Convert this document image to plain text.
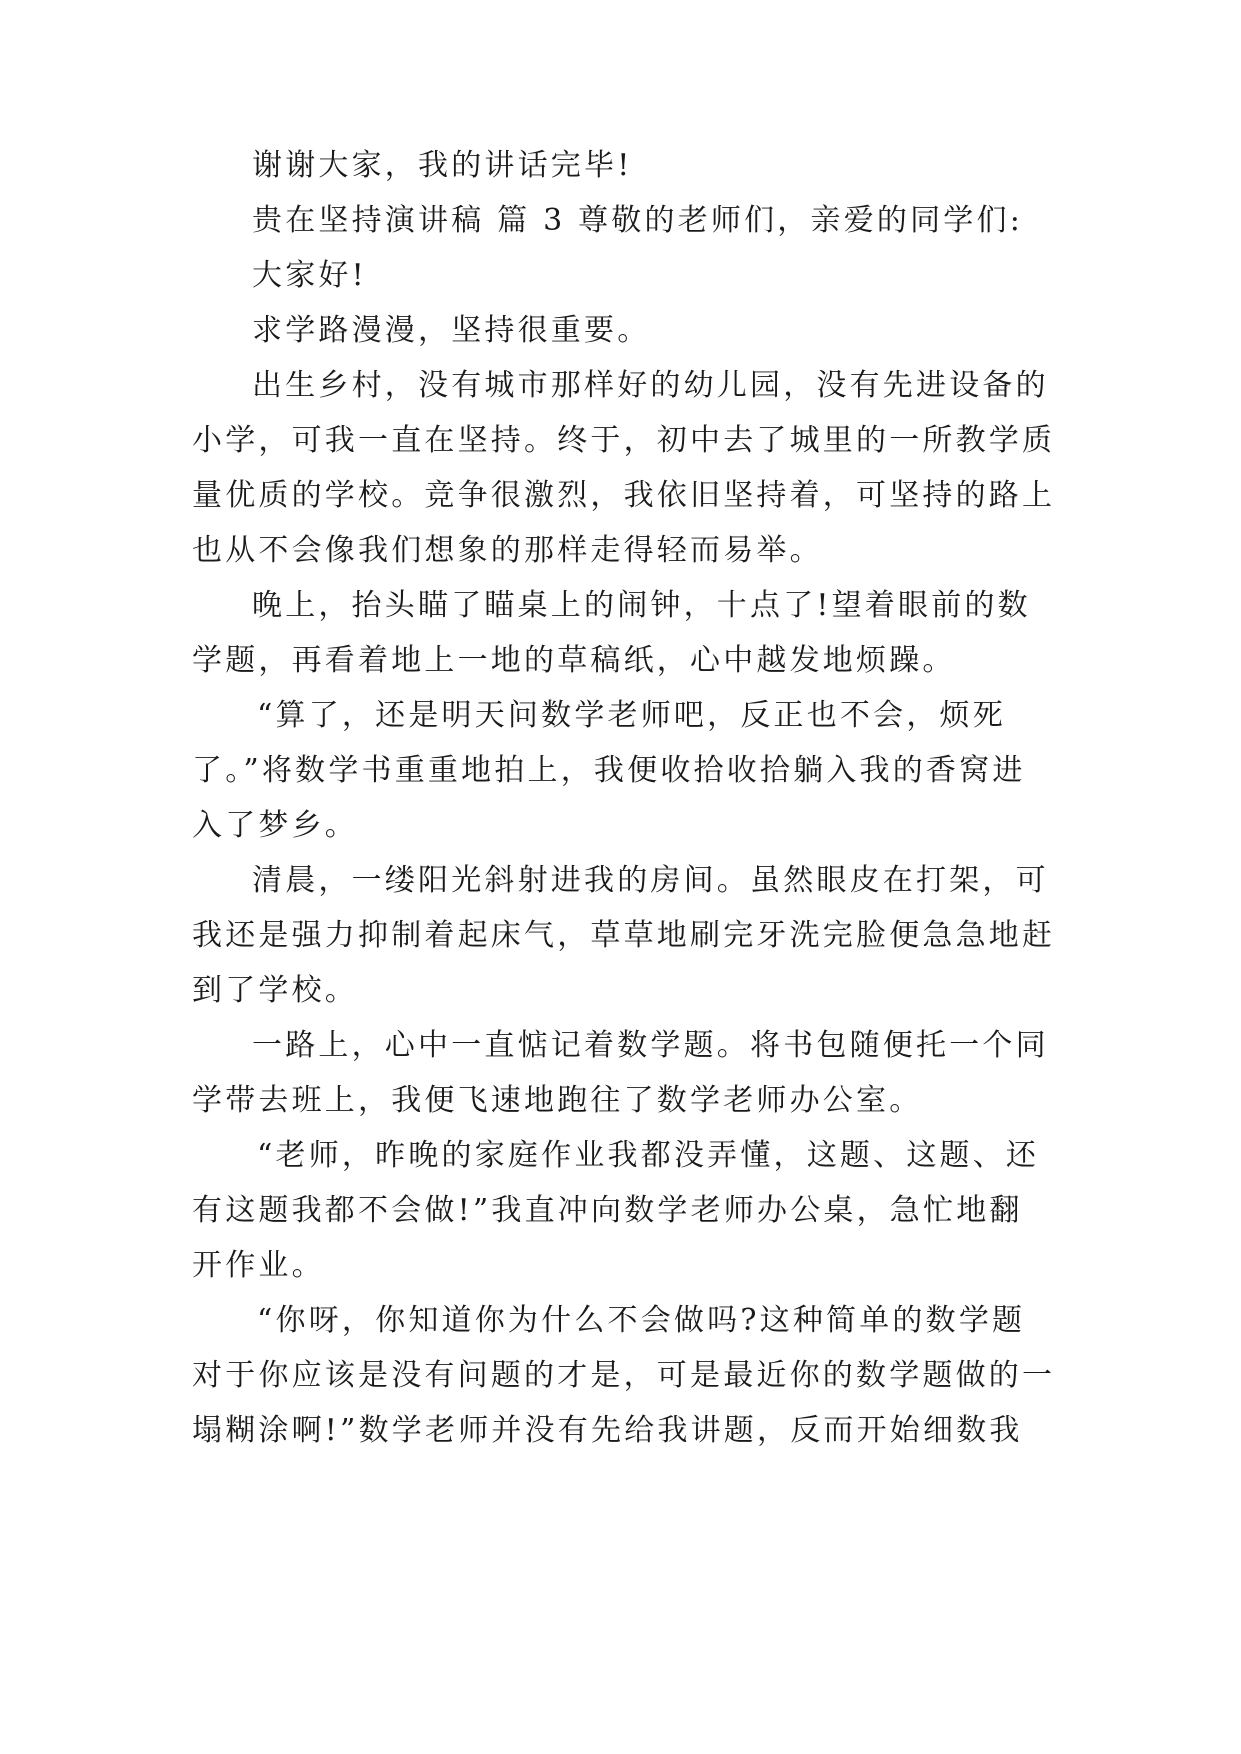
谢谢大家，我的讲话完毕!
贵在坚持演讲稿 篇 3 尊敬的老师们，亲爱的同学们:
大家好!
求学路漫漫，坚持很重要。
出生乡村，没有城市那样好的幼儿园，没有先进设备的
小学，可我一直在坚持。终于，初中去了城里的一所教学质
量优质的学校。竞争很激烈，我依旧坚持着，可坚持的路上
也从不会像我们想象的那样走得轻而易举。
晚上，抬头瞄了瞄桌上的闹钟，十点了!望着眼前的数
学题，再看着地上一地的草稿纸，心中越发地烦躁。
“算了，还是明天问数学老师吧，反正也不会，烦死
了。”将数学书重重地拍上，我便收拾收拾躺入我的香窝进
入了梦乡。
清晨，一缕阳光斜射进我的房间。虽然眼皮在打架，可
我还是强力抑制着起床气，草草地刷完牙洗完脸便急急地赶
到了学校。
一路上，心中一直惦记着数学题。将书包随便托一个同
学带去班上，我便飞速地跑往了数学老师办公室。
“老师，昨晚的家庭作业我都没弄懂，这题、这题、还
有这题我都不会做!”我直冲向数学老师办公桌，急忙地翻
开作业。
“你呀，你知道你为什么不会做吗?这种简单的数学题
对于你应该是没有问题的才是，可是最近你的数学题做的一
塌糊涂啊!”数学老师并没有先给我讲题，反而开始细数我
